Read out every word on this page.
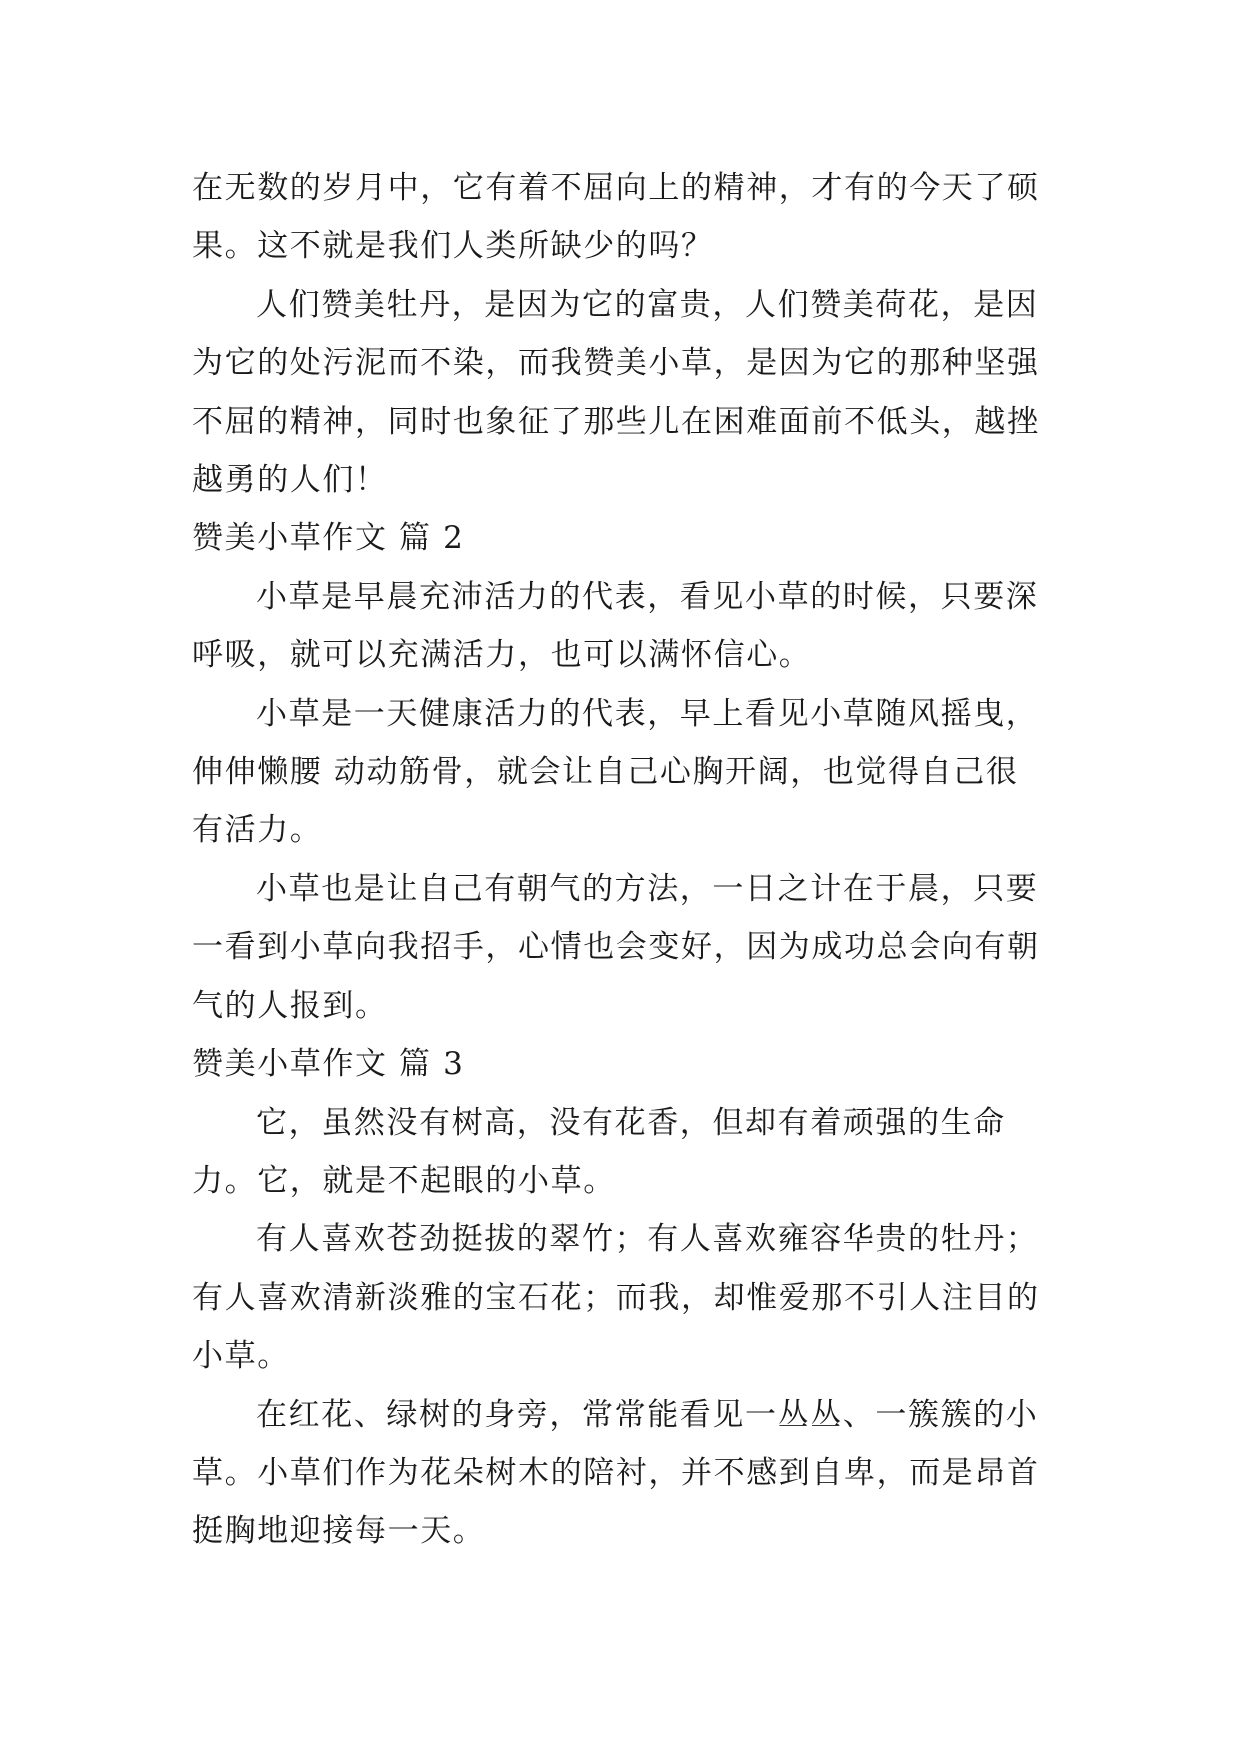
在无数的岁月中，它有着不屈向上的精神，才有的今天了硕果。这不就是我们人类所缺少的吗？

人们赞美牡丹，是因为它的富贵，人们赞美荷花，是因为它的处污泥而不染，而我赞美小草，是因为它的那种坚强不屈的精神，同时也象征了那些儿在困难面前不低头，越挫越勇的人们！

赞美小草作文 篇 2

小草是早晨充沛活力的代表，看见小草的时候，只要深呼吸，就可以充满活力，也可以满怀信心。

小草是一天健康活力的代表，早上看见小草随风摇曳，伸伸懒腰 动动筋骨，就会让自己心胸开阔，也觉得自己很有活力。

小草也是让自己有朝气的方法，一日之计在于晨，只要一看到小草向我招手，心情也会变好，因为成功总会向有朝气的人报到。

赞美小草作文 篇 3

它，虽然没有树高，没有花香，但却有着顽强的生命力。它，就是不起眼的小草。

有人喜欢苍劲挺拔的翠竹；有人喜欢雍容华贵的牡丹；有人喜欢清新淡雅的宝石花；而我，却惟爱那不引人注目的小草。

在红花、绿树的身旁，常常能看见一丛丛、一簇簇的小草。小草们作为花朵树木的陪衬，并不感到自卑，而是昂首挺胸地迎接每一天。
